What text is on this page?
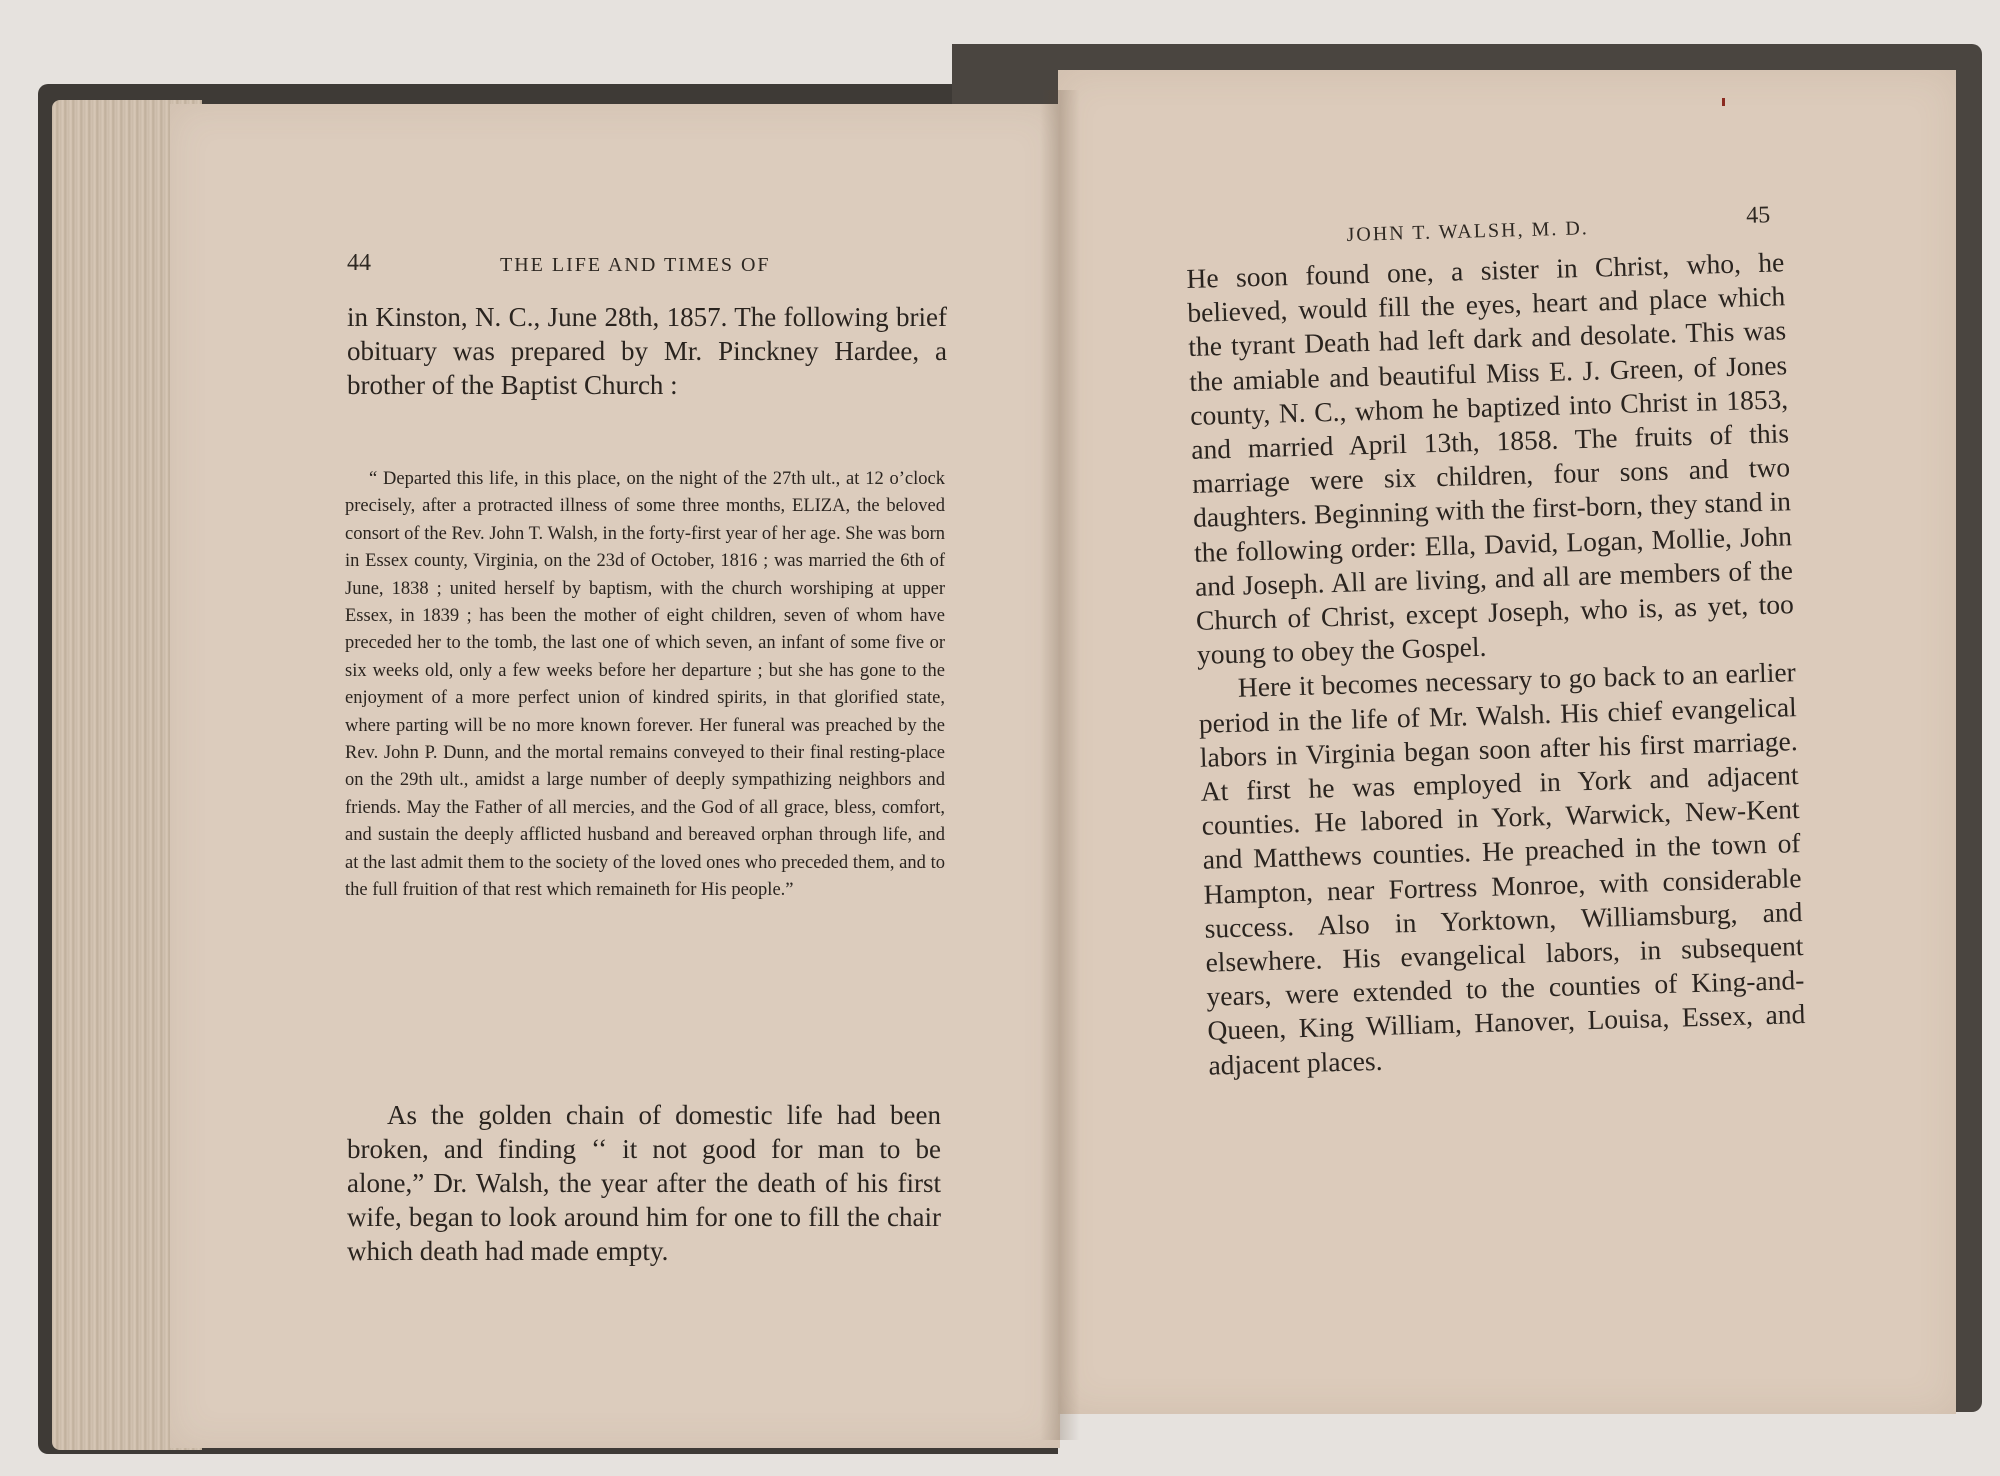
44	THE LIFE AND TIMES OF

in Kinston, N. C., June 28th, 1857. The following brief obituary was prepared by Mr. Pinckney Hardee, a brother of the Baptist Church :

“ Departed this life, in this place, on the night of the 27th ult., at 12 o’clock precisely, after a protracted illness of some three months, ELIZA, the beloved consort of the Rev. John T. Walsh, in the forty-first year of her age. She was born in Essex county, Virginia, on the 23d of October, 1816 ; was married the 6th of June, 1838 ; united herself by baptism, with the church worshiping at upper Essex, in 1839 ; has been the mother of eight children, seven of whom have preceded her to the tomb, the last one of which seven, an infant of some five or six weeks old, only a few weeks before her departure ; but she has gone to the enjoyment of a more perfect union of kindred spirits, in that glorified state, where parting will be no more known forever. Her funeral was preached by the Rev. John P. Dunn, and the mortal remains conveyed to their final resting-place on the 29th ult., amidst a large number of deeply sympathizing neighbors and friends. May the Father of all mercies, and the God of all grace, bless, comfort, and sustain the deeply afflicted husband and bereaved orphan through life, and at the last admit them to the society of the loved ones who preceded them, and to the full fruition of that rest which remaineth for His people.”

As the golden chain of domestic life had been broken, and finding ‘‘ it not good for man to be alone,” Dr. Walsh, the year after the death of his first wife, began to look around him for one to fill the chair which death had made empty.

JOHN T. WALSH, M. D.
45

He soon found one, a sister in Christ, who, he believed, would fill the eyes, heart and place which the tyrant Death had left dark and desolate. This was the amiable and beautiful Miss E. J. Green, of Jones county, N. C., whom he baptized into Christ in 1853, and married April 13th, 1858. The fruits of this marriage were six children, four sons and two daughters. Beginning with the first-born, they stand in the following order: Ella, David, Logan, Mollie, John and Joseph. All are living, and all are members of the Church of Christ, except Joseph, who is, as yet, too young to obey the Gospel.

Here it becomes necessary to go back to an earlier period in the life of Mr. Walsh. His chief evangelical labors in Virginia began soon after his first marriage. At first he was employed in York and adjacent counties. He labored in York, Warwick, New-Kent and Matthews counties. He preached in the town of Hampton, near Fortress Monroe, with considerable success. Also in Yorktown, Williamsburg, and elsewhere. His evangelical labors, in subsequent years, were extended to the counties of King-and-Queen, King William, Hanover, Louisa, Essex, and adjacent places.
